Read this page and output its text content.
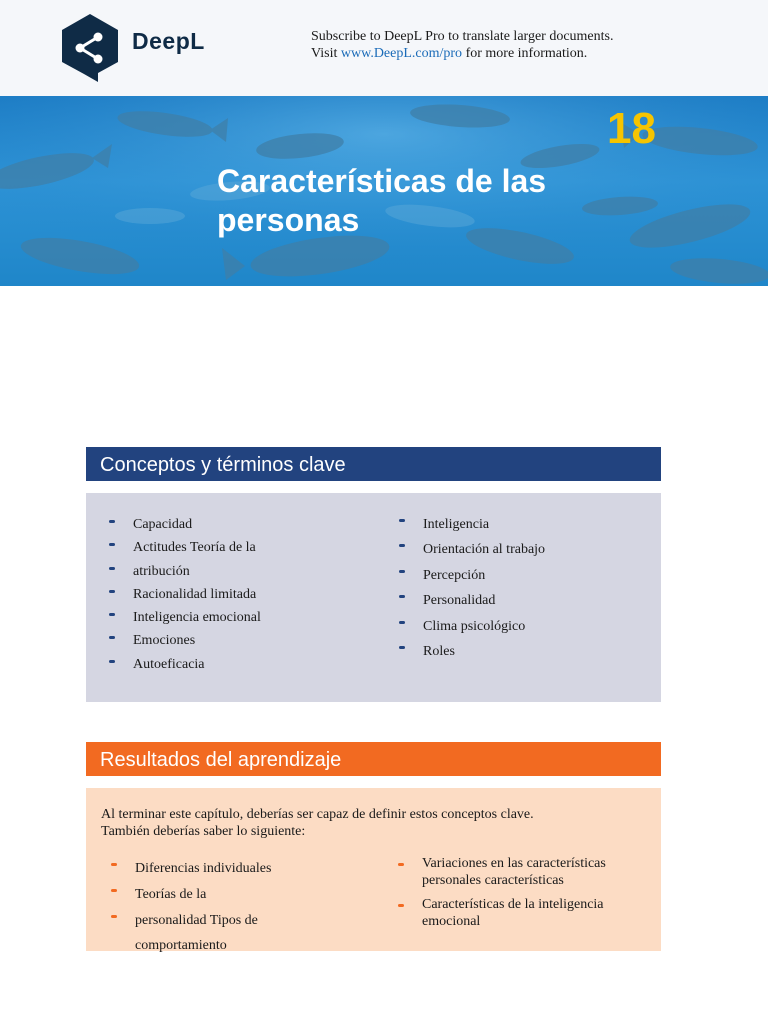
DeepL	Subscribe to DeepL Pro to translate larger documents.
Visit www.DeepL.com/pro for more information.
18
Características de las personas
Conceptos y términos clave
Capacidad
Actitudes Teoría de la
atribución
Racionalidad limitada
Inteligencia emocional
Emociones
Autoeficacia
Inteligencia
Orientación al trabajo
Percepción
Personalidad
Clima psicológico
Roles
Resultados del aprendizaje
Al terminar este capítulo, deberías ser capaz de definir estos conceptos clave.
También deberías saber lo siguiente:
Diferencias individuales
Teorías de la
personalidad Tipos de
comportamiento
Variaciones en las características personales características
Características de la inteligencia emocional
